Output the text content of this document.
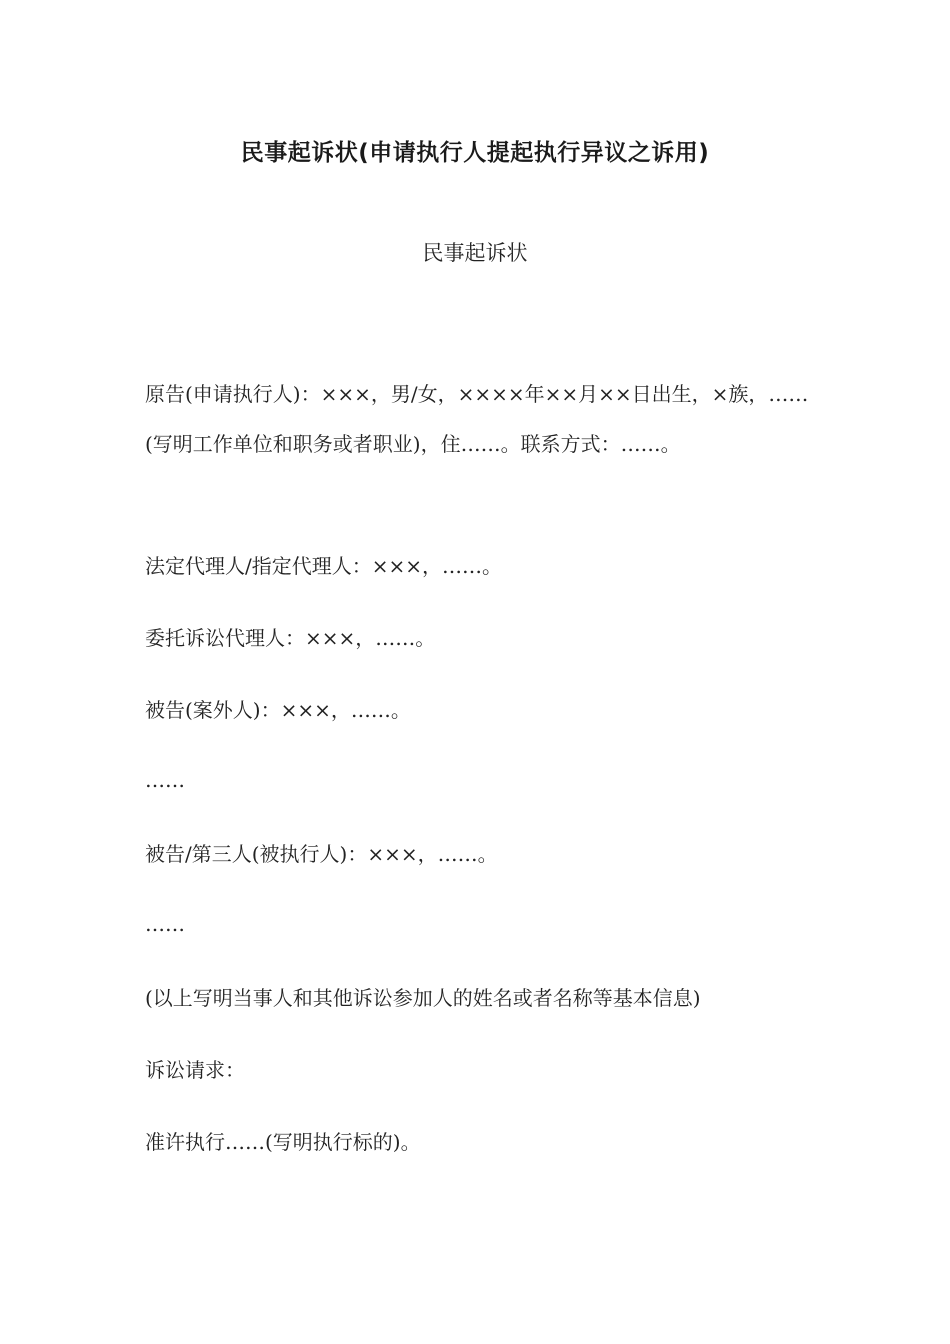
民事起诉状(申请执行人提起执行异议之诉用)
民事起诉状
原告(申请执行人)：×××，男/女，××××年××月××日出生，×族，……(写明工作单位和职务或者职业)，住……。联系方式：……。
法定代理人/指定代理人：×××，……。
委托诉讼代理人：×××，……。
被告(案外人)：×××，……。
……
被告/第三人(被执行人)：×××，……。
……
(以上写明当事人和其他诉讼参加人的姓名或者名称等基本信息)
诉讼请求：
准许执行……(写明执行标的)。
